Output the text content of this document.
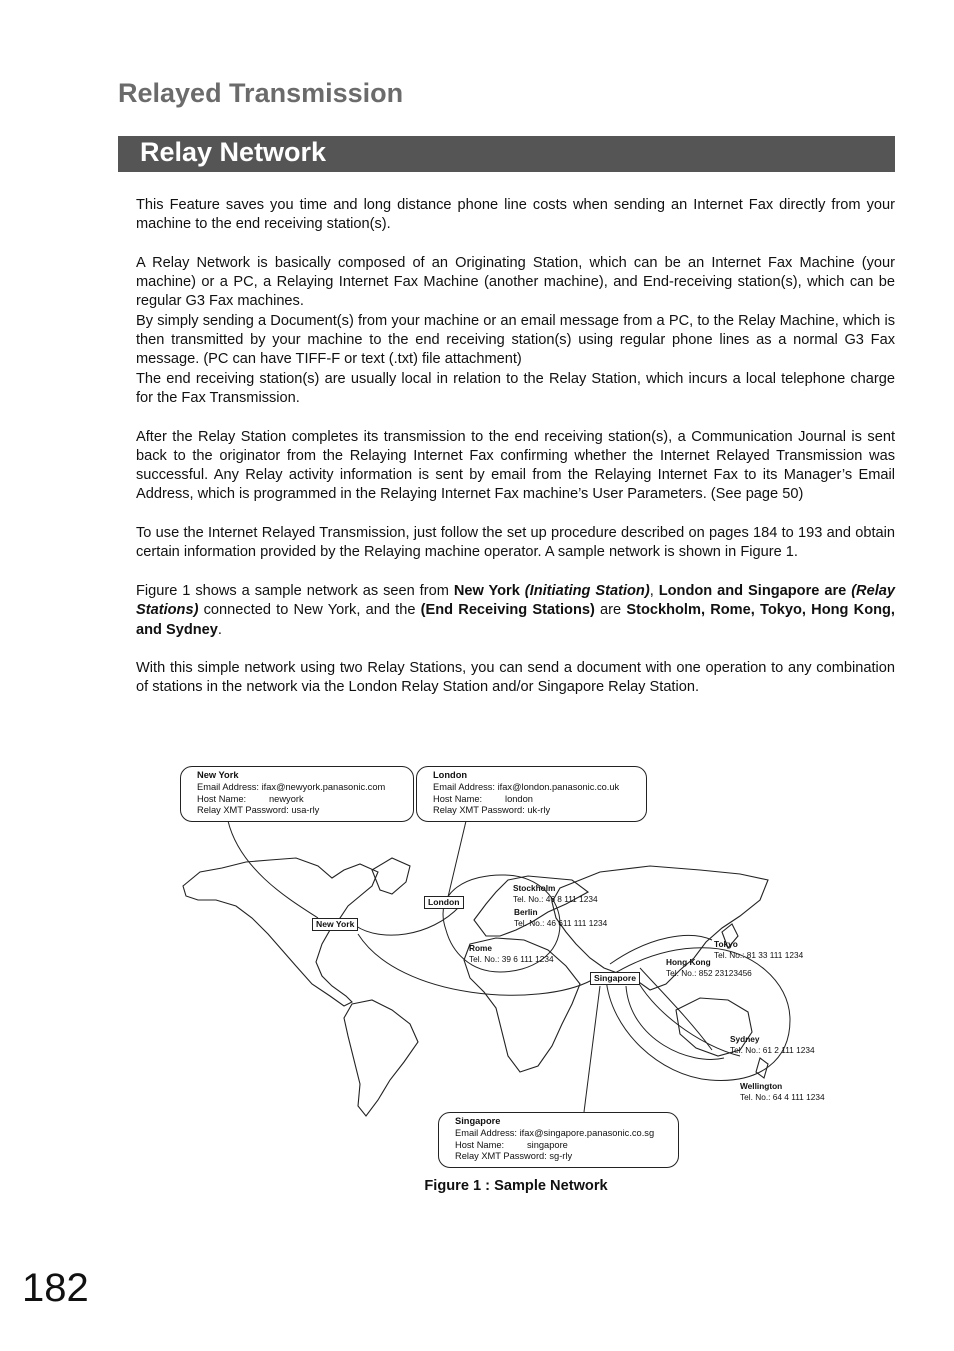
Relayed Transmission
Relay Network

This Feature saves you time and long distance phone line costs when sending an Internet Fax directly from your machine to the end receiving station(s).

A Relay Network is basically composed of an Originating Station, which can be an Internet Fax Machine (your machine) or a PC, a Relaying Internet Fax Machine (another machine), and End-receiving station(s), which can be regular G3 Fax machines.

By simply sending a Document(s) from your machine or an email message from a PC, to the Relay Machine, which is then transmitted by your machine to the end receiving station(s) using regular phone lines as a normal G3 Fax message. (PC can have TIFF-F or text (.txt) file attachment)

The end receiving station(s) are usually local in relation to the Relay Station, which incurs a local telephone charge for the Fax Transmission.

After the Relay Station completes its transmission to the end receiving station(s), a Communication Journal is sent back to the originator from the Relaying Internet Fax confirming whether the Internet Relayed Transmission was successful. Any Relay activity information is sent by email from the Relaying Internet Fax to its Manager’s Email Address, which is programmed in the Relaying Internet Fax machine’s User Parameters. (See page 50)

To use the Internet Relayed Transmission, just follow the set up procedure described on pages 184 to 193 and obtain certain information provided by the Relaying machine operator. A sample network is shown in Figure 1.

Figure 1 shows a sample network as seen from New York (Initiating Station), London and Singapore are (Relay Stations) connected to New York, and the (End Receiving Stations) are Stockholm, Rome, Tokyo, Hong Kong, and Sydney.

With this simple network using two Relay Stations, you can send a document with one operation to any combination of stations in the network via the London Relay Station and/or Singapore Relay Station.

New York
Email Address: ifax@newyork.panasonic.com
Host Name: newyork
Relay XMT Password: usa-rly
London
Email Address: ifax@london.panasonic.co.uk
Host Name: london
Relay XMT Password: uk-rly
Singapore
Email Address: ifax@singapore.panasonic.co.sg
Host Name: singapore
Relay XMT Password: sg-rly
New York
London
Singapore
Stockholm
Tel. No.: 46 8 111 1234
Berlin
Tel. No.: 46 611 111 1234
Rome
Tel. No.: 39 6 111 1234
Tokyo
Tel. No.: 81 33 111 1234
Hong Kong
Tel. No.: 852 23123456
Sydney
Tel. No.: 61 2 111 1234
Wellington
Tel. No.: 64 4 111 1234
Figure 1 : Sample Network
182
